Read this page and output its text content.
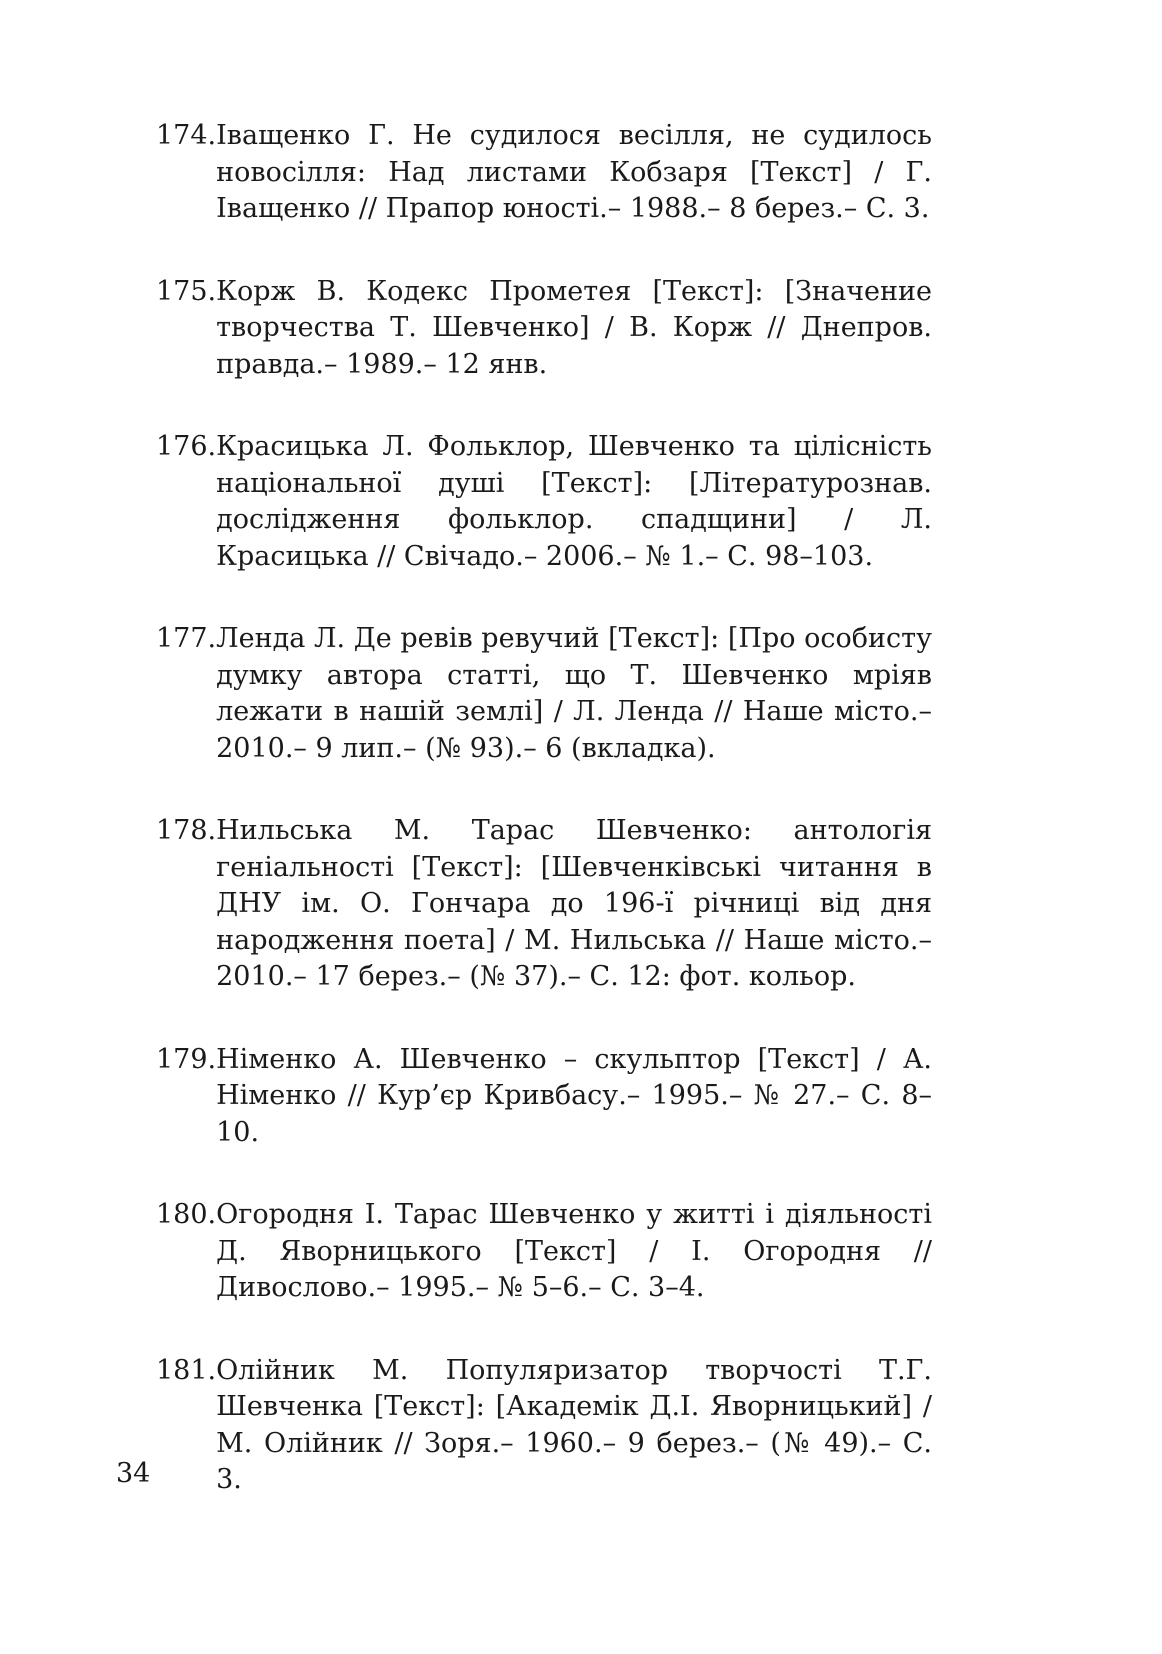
174. Іващенко Г. Не судилося весілля, не судилось новосілля: Над листами Кобзаря [Текст] / Г. Іващенко // Прапор юності.– 1988.– 8 берез.– С. 3.
175. Корж В. Кодекс Прометея [Текст]: [Значение творчества Т. Шевченко] / В. Корж // Днепров. правда.– 1989.– 12 янв.
176. Красицька Л. Фольклор, Шевченко та цілісність національної душі [Текст]: [Літературознав. дослідження фольклор. спадщини] / Л. Красицька // Свічадо.– 2006.– № 1.– С. 98–103.
177. Ленда Л. Де ревів ревучий [Текст]: [Про особисту думку автора статті, що Т. Шевченко мріяв лежати в нашій землі] / Л. Ленда // Наше місто.– 2010.– 9 лип.– (№ 93).– 6 (вкладка).
178. Нильська М. Тарас Шевченко: антологія геніальності [Текст]: [Шевченківські читання в ДНУ ім. О. Гончара до 196-ї річниці від дня народження поета] / М. Нильська // Наше місто.– 2010.– 17 берез.– (№ 37).– С. 12: фот. кольор.
179. Німенко А. Шевченко – скульптор [Текст] / А. Німенко // Кур’єр Кривбасу.– 1995.– № 27.– С. 8–10.
180. Огородня І. Тарас Шевченко у житті і діяльності Д. Яворницького [Текст] / І. Огородня // Дивослово.– 1995.– № 5–6.– С. 3–4.
181. Олійник М. Популяризатор творчості Т.Г. Шевченка [Текст]: [Академік Д.І. Яворницький] / М. Олійник // Зоря.– 1960.– 9 берез.– (№ 49).– С. 3.
34
